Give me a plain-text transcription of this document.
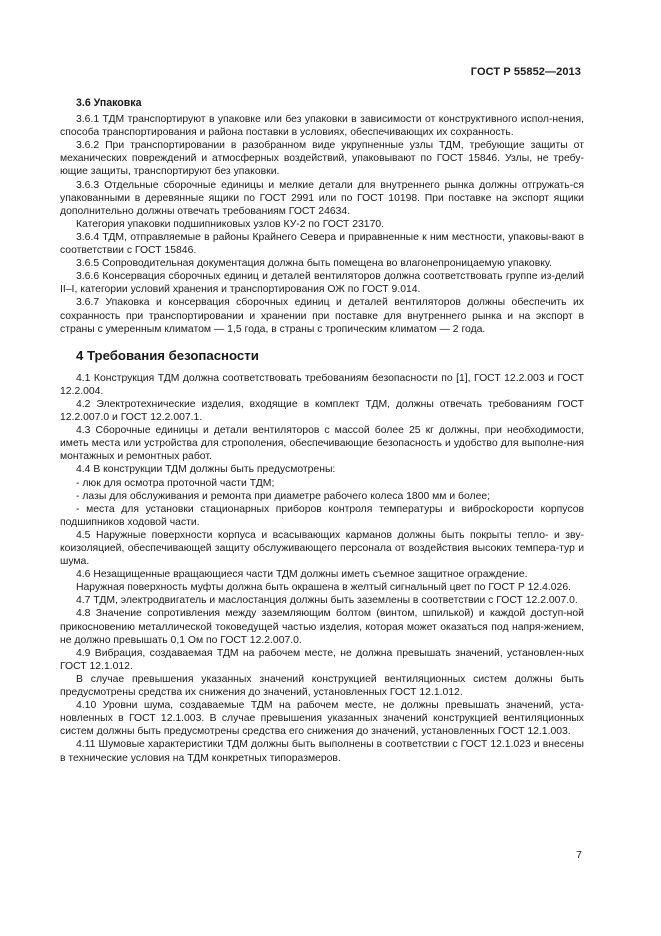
ГОСТ Р 55852—2013
3.6 Упаковка

3.6.1 ТДМ транспортируют в упаковке или без упаковки в зависимости от конструктивного испол-нения, способа транспортирования и района поставки в условиях, обеспечивающих их сохранность.

3.6.2 При транспортировании в разобранном виде укрупненные узлы ТДМ, требующие защиты от механических повреждений и атмосферных воздействий, упаковывают по ГОСТ 15846. Узлы, не требу-ющие защиты, транспортируют без упаковки.

3.6.3 Отдельные сборочные единицы и мелкие детали для внутреннего рынка должны отгружать-ся упакованными в деревянные ящики по ГОСТ 2991 или по ГОСТ 10198. При поставке на экспорт ящики дополнительно должны отвечать требованиям ГОСТ 24634.

Категория упаковки подшипниковых узлов КУ-2 по ГОСТ 23170.

3.6.4 ТДМ, отправляемые в районы Крайнего Севера и приравненные к ним местности, упаковы-вают в соответствии с ГОСТ 15846.

3.6.5 Сопроводительная документация должна быть помещена во влагонепроницаемую упаковку.

3.6.6 Консервация сборочных единиц и деталей вентиляторов должна соответствовать группе из-делий II–I, категории условий хранения и транспортирования ОЖ по ГОСТ 9.014.

3.6.7 Упаковка и консервация сборочных единиц и деталей вентиляторов должны обеспечить их сохранность при транспортировании и хранении при поставке для внутреннего рынка и на экспорт в страны с умеренным климатом — 1,5 года, в страны с тропическим климатом — 2 года.

4 Требования безопасности

4.1 Конструкция ТДМ должна соответствовать требованиям безопасности по [1], ГОСТ 12.2.003 и ГОСТ 12.2.004.

4.2 Электротехнические изделия, входящие в комплект ТДМ, должны отвечать требованиям ГОСТ 12.2.007.0 и ГОСТ 12.2.007.1.

4.3 Сборочные единицы и детали вентиляторов с массой более 25 кг должны, при необходимости, иметь места или устройства для строполения, обеспечивающие безопасность и удобство для выполне-ния монтажных и ремонтных работ.

4.4 В конструкции ТДМ должны быть предусмотрены:

- люк для осмотра проточной части ТДМ;

- лазы для обслуживания и ремонта при диаметре рабочего колеса 1800 мм и более;

- места для установки стационарных приборов контроля температуры и вибросkорости корпусов подшипников ходовой части.

4.5 Наружные поверхности корпуса и всасывающих карманов должны быть покрыты тепло- и зву-коизоляцией, обеспечивающей защиту обслуживающего персонала от воздействия высоких темпера-тур и шума.

4.6 Незащищенные вращающиеся части ТДМ должны иметь съемное защитное ограждение.

Наружная поверхность муфты должна быть окрашена в желтый сигнальный цвет по ГОСТ Р 12.4.026.

4.7 ТДМ, электродвигатель и маслостанция должны быть заземлены в соответствии с ГОСТ 12.2.007.0.

4.8 Значение сопротивления между заземляющим болтом (винтом, шпилькой) и каждой доступ-ной прикосновению металлической токоведущей частью изделия, которая может оказаться под напря-жением, не должно превышать 0,1 Ом по ГОСТ 12.2.007.0.

4.9 Вибрация, создаваемая ТДМ на рабочем месте, не должна превышать значений, установлен-ных ГОСТ 12.1.012.

В случае превышения указанных значений конструкцией вентиляционных систем должны быть предусмотрены средства их снижения до значений, установленных ГОСТ 12.1.012.

4.10 Уровни шума, создаваемые ТДМ на рабочем месте, не должны превышать значений, уста-новленных в ГОСТ 12.1.003. В случае превышения указанных значений конструкцией вентиляционных систем должны быть предусмотрены средства его снижения до значений, установленных ГОСТ 12.1.003.

4.11 Шумовые характеристики ТДМ должны быть выполнены в соответствии с ГОСТ 12.1.023 и внесены в технические условия на ТДМ конкретных типоразмеров.

7
